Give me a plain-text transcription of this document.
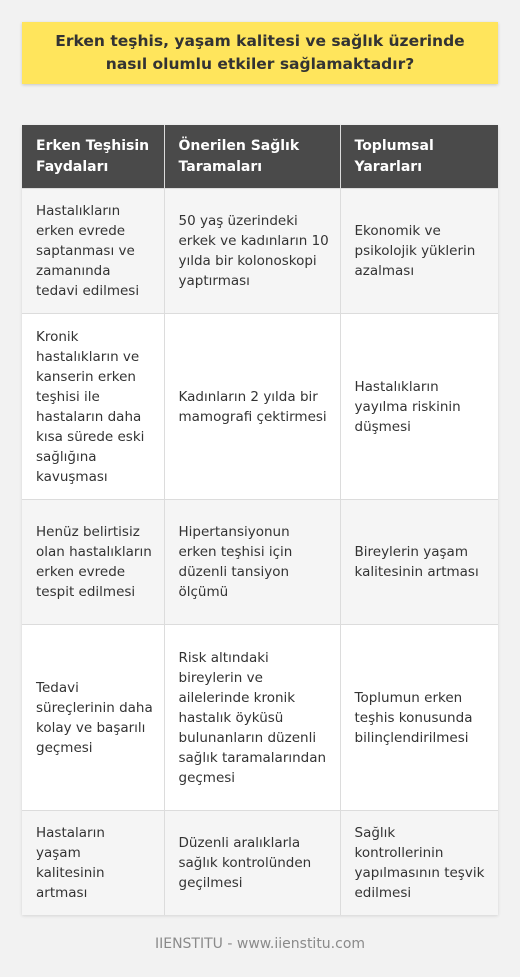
Erken teşhis, yaşam kalitesi ve sağlık üzerinde nasıl olumlu etkiler sağlamaktadır?
Erken Teşhisin Faydaları	Önerilen Sağlık Taramaları	Toplumsal Yararları
Hastalıkların erken evrede saptanması ve zamanında tedavi edilmesi	50 yaş üzerindeki erkek ve kadınların 10 yılda bir kolonoskopi yaptırması	Ekonomik ve psikolojik yüklerin azalması
Kronik hastalıkların ve kanserin erken teşhisi ile hastaların daha kısa sürede eski sağlığına kavuşması	Kadınların 2 yılda bir mamografi çektirmesi	Hastalıkların yayılma riskinin düşmesi
Henüz belirtisiz olan hastalıkların erken evrede tespit edilmesi	Hipertansiyonun erken teşhisi için düzenli tansiyon ölçümü	Bireylerin yaşam kalitesinin artması
Tedavi süreçlerinin daha kolay ve başarılı geçmesi	Risk altındaki bireylerin ve ailelerinde kronik hastalık öyküsü bulunanların düzenli sağlık taramalarından geçmesi	Toplumun erken teşhis konusunda bilinçlendirilmesi
Hastaların yaşam kalitesinin artması	Düzenli aralıklarla sağlık kontrolünden geçilmesi	Sağlık kontrollerinin yapılmasının teşvik edilmesi
IIENSTITU - www.iienstitu.com
